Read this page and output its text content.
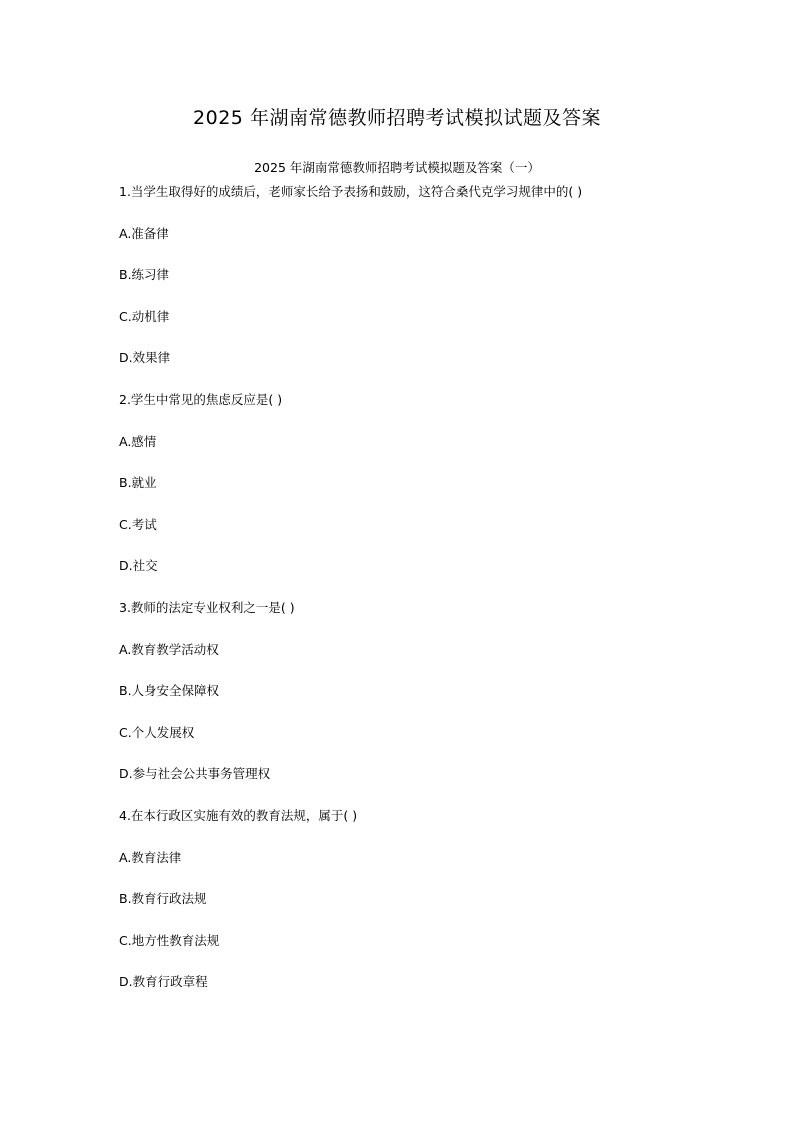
2025 年湖南常德教师招聘考试模拟试题及答案
2025 年湖南常德教师招聘考试模拟题及答案（一）
1.当学生取得好的成绩后，老师家长给予表扬和鼓励，这符合桑代克学习规律中的( )
A.准备律
B.练习律
C.动机律
D.效果律
2.学生中常见的焦虑反应是( )
A.感情
B.就业
C.考试
D.社交
3.教师的法定专业权利之一是( )
A.教育教学活动权
B.人身安全保障权
C.个人发展权
D.参与社会公共事务管理权
4.在本行政区实施有效的教育法规，属于( )
A.教育法律
B.教育行政法规
C.地方性教育法规
D.教育行政章程
